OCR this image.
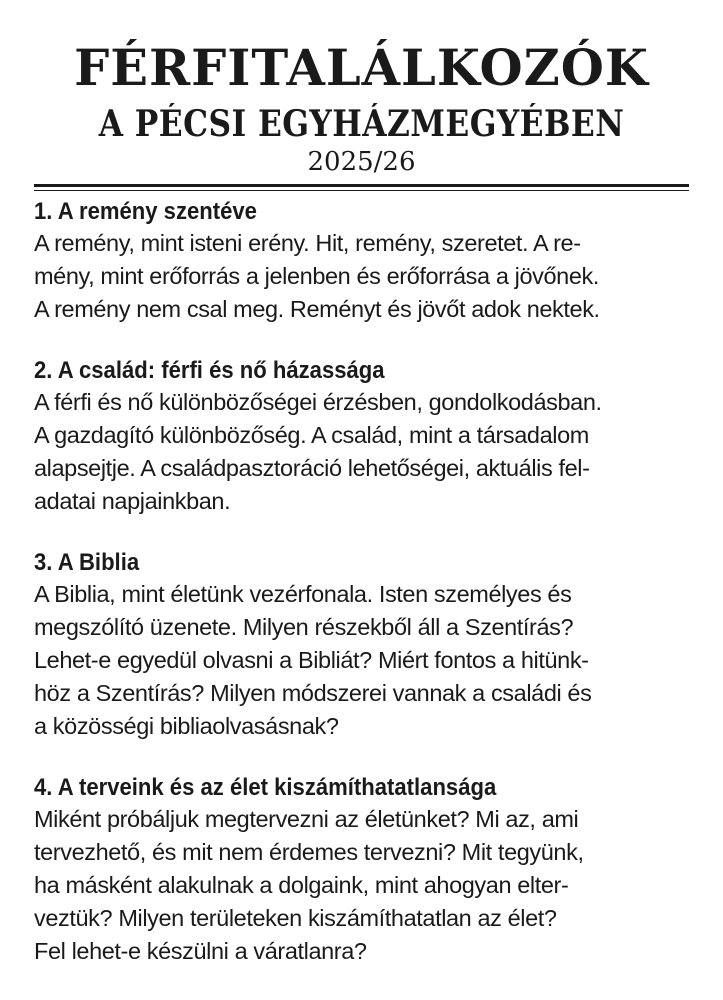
FÉRFITALÁLKOZÓK
A PÉCSI EGYHÁZMEGYÉBEN
2025/26
1. A remény szentéve
A remény, mint isteni erény. Hit, remény, szeretet. A re-
mény, mint erőforrás a jelenben és erőforrása a jövőnek.
A remény nem csal meg. Reményt és jövőt adok nektek.
2. A család: férfi és nő házassága
A férfi és nő különbözőségei érzésben, gondolkodásban.
A gazdagító különbözőség. A család, mint a társadalom
alapsejtje. A családpasztoráció lehetőségei, aktuális fel-
adatai napjainkban.
3. A Biblia
A Biblia, mint életünk vezérfonala. Isten személyes és
megszólító üzenete. Milyen részekből áll a Szentírás?
Lehet-e egyedül olvasni a Bibliát? Miért fontos a hitünk-
höz a Szentírás? Milyen módszerei vannak a családi és
a közösségi bibliaolvasásnak?
4. A terveink és az élet kiszámíthatatlansága
Miként próbáljuk megtervezni az életünket? Mi az, ami
tervezhető, és mit nem érdemes tervezni? Mit tegyünk,
ha másként alakulnak a dolgaink, mint ahogyan elter-
veztük? Milyen területeken kiszámíthatatlan az élet?
Fel lehet-e készülni a váratlanra?
